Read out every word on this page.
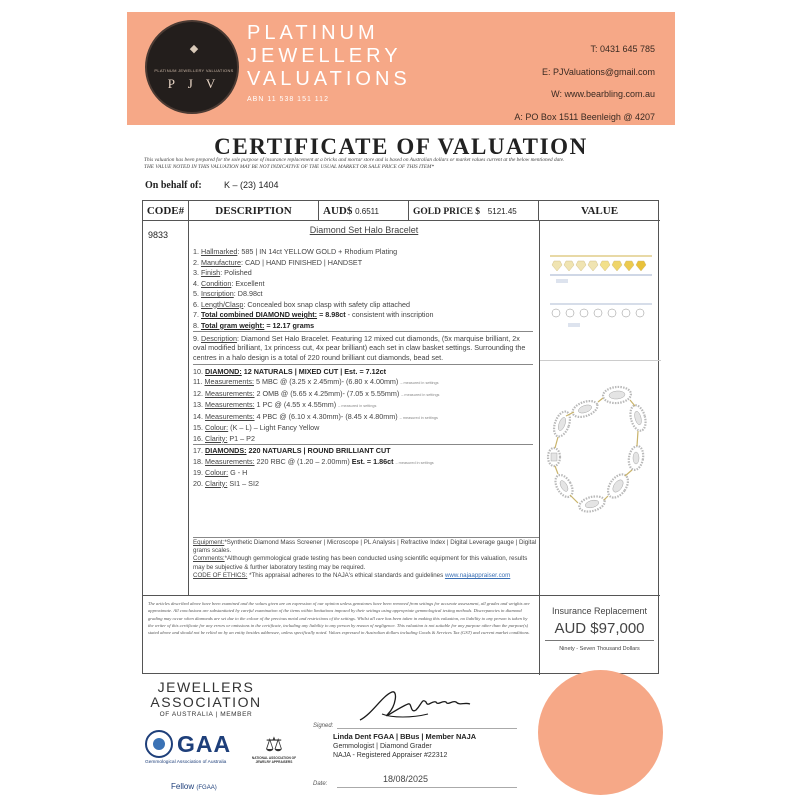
◆
PLATINUM JEWELLERY VALUATIONS
P J V
PLATINUM
JEWELLERY
VALUATIONS
ABN 11 538 151 112
T: 0431 645 785
E: PJValuations@gmail.com
W: www.bearbling.com.au
A: PO Box 1511 Beenleigh @ 4207
CERTIFICATE OF VALUATION
This valuation has been prepared for the sole purpose of insurance replacement at a bricks and mortar store and is based on Australian dollars or market values current at the below mentioned date.
THE VALUE NOTED IN THIS VALUATION MAY BE NOT INDICATIVE OF THE USUAL MARKET OR SALE PRICE OF THIS ITEM*
On behalf of: K – (23) 1404
CODE#	DESCRIPTION	AUD$ 0.6511	GOLD PRICE $ 5121.45	VALUE
9833	Diamond Set Halo Bracelet
1. Hallmarked: 585 | IN 14ct YELLOW GOLD + Rhodium Plating
2. Manufacture: CAD | HAND FINISHED | HANDSET
3. Finish: Polished
4. Condition: Excellent
5. Inscription: D8.98ct
6. Length/Clasp: Concealed box snap clasp with safety clip attached
7. Total combined DIAMOND weight: = 8.98ct - consistent with inscription
8. Total gram weight: = 12.17 grams
9. Description: Diamond Set Halo Bracelet. Featuring 12 mixed cut diamonds, (5x marquise brilliant, 2x oval modified brilliant, 1x princess cut, 4x pear brilliant) each set in claw basket settings. Surrounding the centres in a halo design is a total of 220 round brilliant cut diamonds, bead set.
10. DIAMOND: 12 NATURALS | MIXED CUT | Est. = 7.12ct
11. Measurements: 5 MBC @ (3.25 x 2.45mm)- (6.80 x 4.00mm) – measured in settings
12. Measurements: 2 OMB @ (5.65 x 4.25mm)- (7.05 x 5.55mm) – measured in settings
13. Measurements: 1 PC @ (4.55 x 4.55mm) – measured in settings
14. Measurements: 4 PBC @ (6.10 x 4.30mm)- (8.45 x 4.80mm) – measured in settings
15. Colour: (K – L) – Light Fancy Yellow
16. Clarity: P1 – P2
17. DIAMONDS: 220 NATUARLS | ROUND BRILLIANT CUT
18. Measurements: 220 RBC @ (1.20 – 2.00mm) Est. = 1.86ct – measured in settings
19. Colour: G - H
20. Clarity: SI1 – SI2
Equipment:*Synthetic Diamond Mass Screener | Microscope | PL Analysis | Refractive Index | Digital Leverage gauge | Digital grams scales.
Comments:*Although gemmological grade testing has been conducted using scientific equipment for this valuation, results may be subjective & further laboratory testing may be required.
CODE OF ETHICS: *This appraisal adheres to the NAJA's ethical standards and guidelines www.najaappraiser.com
The articles described above have been examined and the values given are an expression of our opinion unless gemstones have been removed from settings for accurate assessment, all grades and weights are approximate. All conclusions are substantiated by careful examination of the items within limitations imposed by their settings using appropriate gemmological testing methods. Discrepancies in diamond grading may occur when diamonds are set due to the colour of the precious metal and restrictions of the settings. Whilst all care has been taken in making this valuation, no liability to any person is taken by the writer of this certificate for any errors or omissions in the certificate, including any liability to any person by reason of negligence. This valuation is not suitable for any purpose other than the purpose(s) stated above and should not be relied on by an entity besides addressee, unless specifically noted. Values expressed in Australian dollars including Goods & Services Tax (GST) and current market conditions.
Insurance Replacement
AUD $97,000
Ninety - Seven Thousand Dollars
JEWELLERS
ASSOCIATION
OF AUSTRALIA | MEMBER
GAA
Gemmological Association of Australia
Fellow (FGAA)
⚖
NATIONAL ASSOCIATION OF JEWELRY APPRAISERS
Signed:
Linda Dent FGAA | BBus | Member NAJA
Gemmologist | Diamond Grader
NAJA - Registered Appraiser #22312
18/08/2025
Date:
